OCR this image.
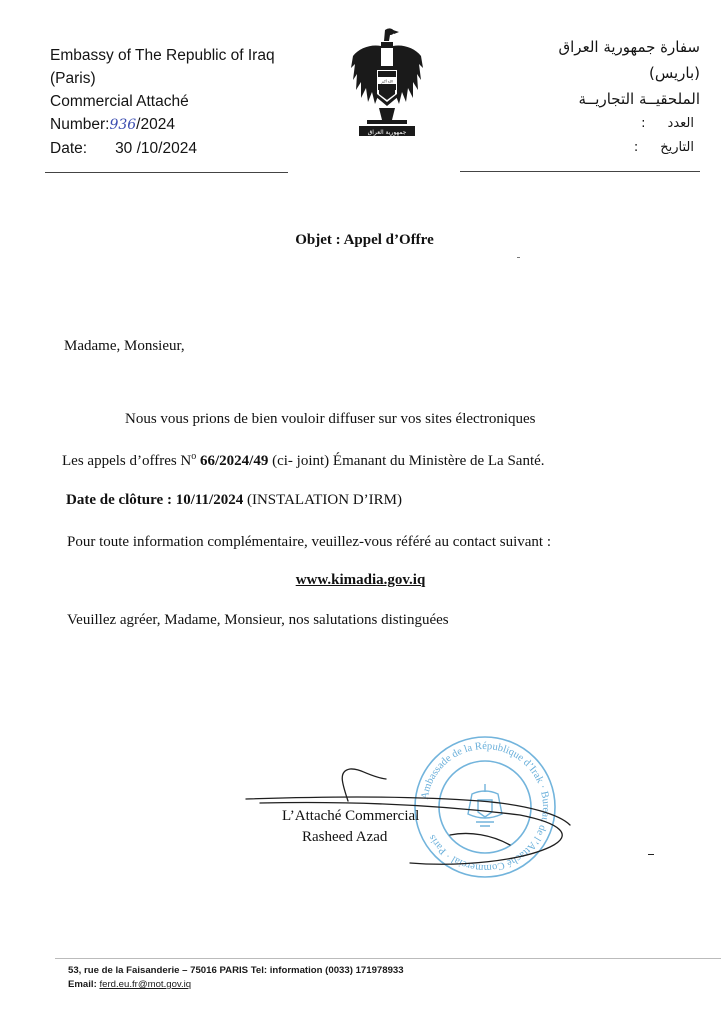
Embassy of The Republic of Iraq
(Paris)
Commercial Attaché
Number:936/2024
Date: 30 /10/2024
الله أكبر
جمهورية العراق
سفارة جمهورية العراق
(باريس)
الملحقيــة التجاريــة
العدد:
التاريخ:
Objet : Appel d’Offre
Madame, Monsieur,
Nous vous prions de bien vouloir diffuser sur vos sites électroniques
Les appels d’offres $N^o$ 66/2024/49 (ci- joint) Émanant du Ministère de La Santé.
Date de clôture : 10/11/2024 (INSTALATION D’IRM)
Pour toute information complémentaire, veuillez-vous référé au contact suivant :
www.kimadia.gov.iq
Veuillez agréer, Madame, Monsieur, nos salutations distinguées
Ambassade de la République d’Irak · Bureau de l’Attaché Commercial · Paris
L’Attaché Commercial
Rasheed Azad
53, rue de la Faisanderie – 75016 PARIS Tel: information (0033) 171978933
Email: ferd.eu.fr@mot.gov.iq
